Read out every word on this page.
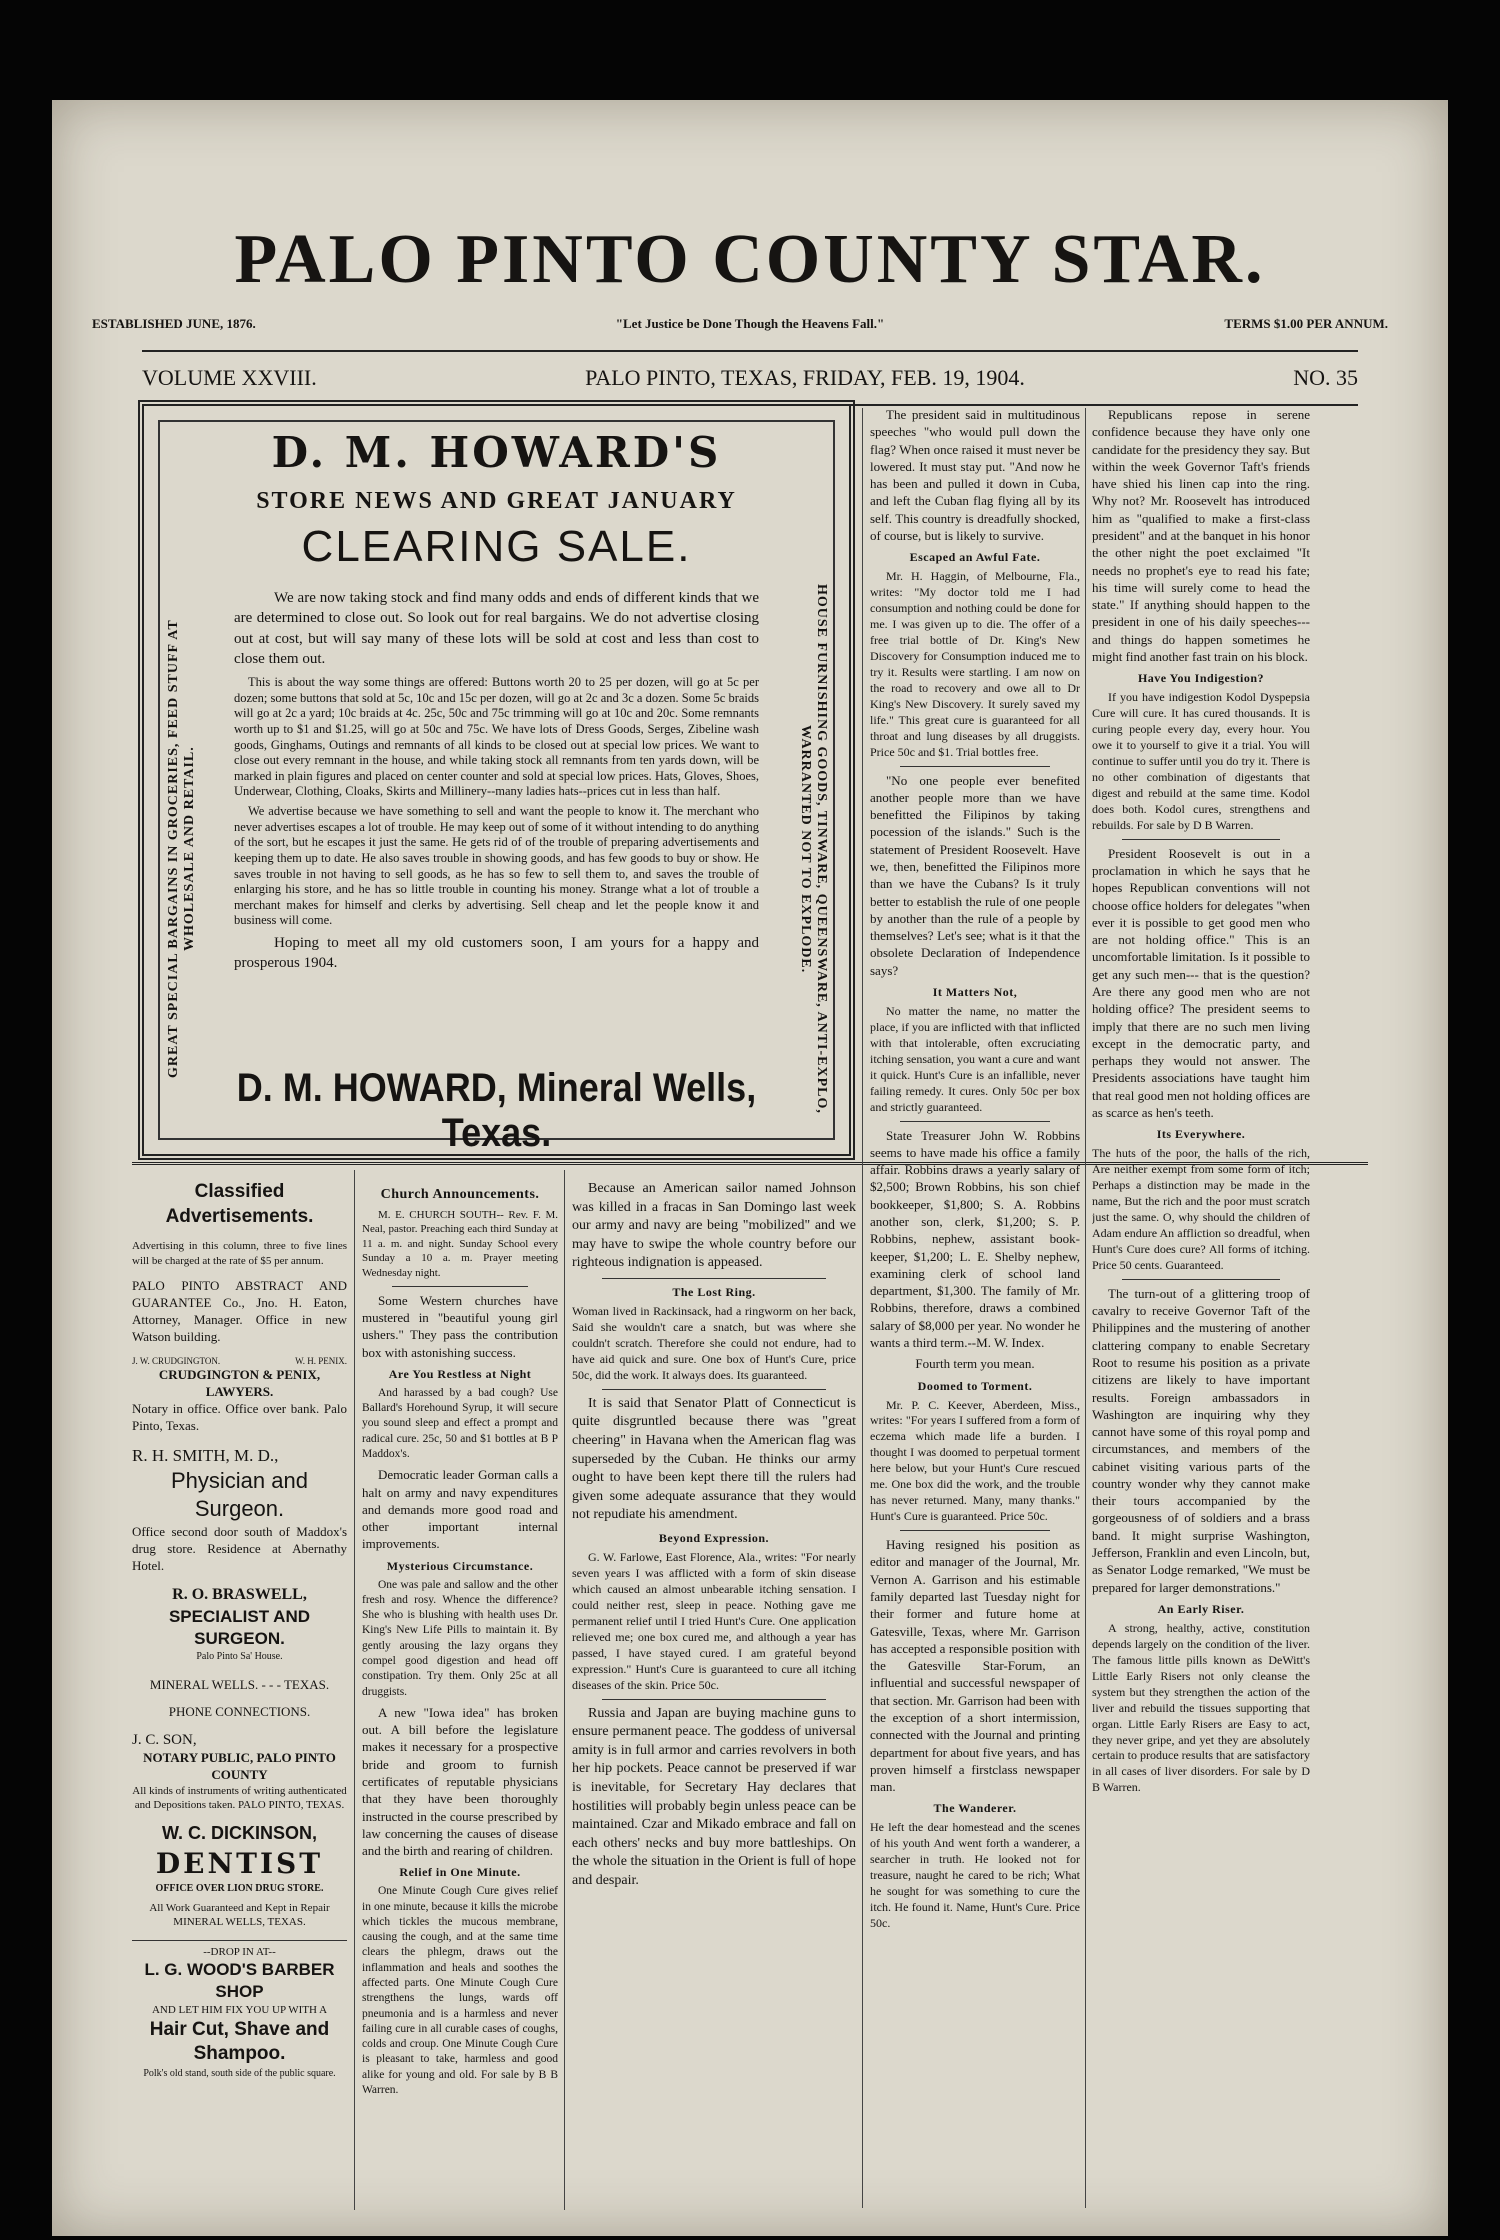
PALO PINTO COUNTY STAR.
ESTABLISHED JUNE, 1876.	"Let Justice be Done Though the Heavens Fall."	TERMS $1.00 PER ANNUM.
VOLUME XXVIII.	PALO PINTO, TEXAS, FRIDAY, FEB. 19, 1904.	NO. 35
D. M. HOWARD'S
STORE NEWS AND GREAT JANUARY
CLEARING SALE.
GREAT SPECIAL BARGAINS IN GROCERIES, FEED STUFF AT WHOLESALE AND RETAIL.	HOUSE FURNISHING GOODS, TINWARE, QUEENSWARE, ANTI-EXPLO, WARRANTED NOT TO EXPLODE.

We are now taking stock and find many odds and ends of different kinds that we are determined to close out. So look out for real bargains. We do not advertise closing out at cost, but will say many of these lots will be sold at cost and less than cost to close them out.

This is about the way some things are offered: Buttons worth 20 to 25 per dozen, will go at 5c per dozen; some buttons that sold at 5c, 10c and 15c per dozen, will go at 2c and 3c a dozen. Some 5c braids will go at 2c a yard; 10c braids at 4c. 25c, 50c and 75c trimming will go at 10c and 20c. Some remnants worth up to $1 and $1.25, will go at 50c and 75c. We have lots of Dress Goods, Serges, Zibeline wash goods, Ginghams, Outings and remnants of all kinds to be closed out at special low prices. We want to close out every remnant in the house, and while taking stock all remnants from ten yards down, will be marked in plain figures and placed on center counter and sold at special low prices. Hats, Gloves, Shoes, Underwear, Clothing, Cloaks, Skirts and Millinery--many ladies hats--prices cut in less than half.

We advertise because we have something to sell and want the people to know it. The merchant who never advertises escapes a lot of trouble. He may keep out of some of it without intending to do anything of the sort, but he escapes it just the same. He gets rid of of the trouble of preparing advertisements and keeping them up to date. He also saves trouble in showing goods, and has few goods to buy or show. He saves trouble in not having to sell goods, as he has so few to sell them to, and saves the trouble of enlarging his store, and he has so little trouble in counting his money. Strange what a lot of trouble a merchant makes for himself and clerks by advertising. Sell cheap and let the people know it and business will come.

Hoping to meet all my old customers soon, I am yours for a happy and prosperous 1904.

D. M. HOWARD, Mineral Wells, Texas.
Classified Advertisements.
Advertising in this column, three to five lines will be charged at the rate of $5 per annum.
PALO PINTO ABSTRACT AND GUARANTEE Co., Jno. H. Eaton, Attorney, Manager. Office in new Watson building.
J. W. CRUDGINGTON.	W. H. PENIX.
CRUDGINGTON & PENIX, LAWYERS.
Notary in office. Office over bank. Palo Pinto, Texas.
R. H. SMITH, M. D.,
Physician and Surgeon.
Office second door south of Maddox's drug store. Residence at Abernathy Hotel.
R. O. BRASWELL,
SPECIALIST AND SURGEON.
Palo Pinto Sa' House.
MINERAL WELLS. - - - TEXAS.
PHONE CONNECTIONS.
J. C. SON,
NOTARY PUBLIC, PALO PINTO COUNTY
All kinds of instruments of writing authenticated and Depositions taken. PALO PINTO, TEXAS.
W. C. DICKINSON,
DENTIST
OFFICE OVER LION DRUG STORE.
All Work Guaranteed and Kept in Repair
MINERAL WELLS, TEXAS.
--DROP IN AT--
L. G. WOOD'S BARBER SHOP
AND LET HIM FIX YOU UP WITH A
Hair Cut, Shave and Shampoo.
Polk's old stand, south side of the public square.
Church Announcements.

M. E. CHURCH SOUTH-- Rev. F. M. Neal, pastor. Preaching each third Sunday at 11 a. m. and night. Sunday School every Sunday a 10 a. m. Prayer meeting Wednesday night.

Some Western churches have mustered in "beautiful young girl ushers." They pass the contribution box with astonishing success.

Are You Restless at Night

And harassed by a bad cough? Use Ballard's Horehound Syrup, it will secure you sound sleep and effect a prompt and radical cure. 25c, 50 and $1 bottles at B P Maddox's.

Democratic leader Gorman calls a halt on army and navy expenditures and demands more good road and other important internal improvements.

Mysterious Circumstance.

One was pale and sallow and the other fresh and rosy. Whence the difference? She who is blushing with health uses Dr. King's New Life Pills to maintain it. By gently arousing the lazy organs they compel good digestion and head off constipation. Try them. Only 25c at all druggists.

A new "Iowa idea" has broken out. A bill before the legislature makes it necessary for a prospective bride and groom to furnish certificates of reputable physicians that they have been thoroughly instructed in the course prescribed by law concerning the causes of disease and the birth and rearing of children.

Relief in One Minute.

One Minute Cough Cure gives relief in one minute, because it kills the microbe which tickles the mucous membrane, causing the cough, and at the same time clears the phlegm, draws out the inflammation and heals and soothes the affected parts. One Minute Cough Cure strengthens the lungs, wards off pneumonia and is a harmless and never failing cure in all curable cases of coughs, colds and croup. One Minute Cough Cure is pleasant to take, harmless and good alike for young and old. For sale by B B Warren.

Because an American sailor named Johnson was killed in a fracas in San Domingo last week our army and navy are being "mobilized" and we may have to swipe the whole country before our righteous indignation is appeased.

The Lost Ring.

Woman lived in Rackinsack, had a ringworm on her back, Said she wouldn't care a snatch, but was where she couldn't scratch. Therefore she could not endure, had to have aid quick and sure. One box of Hunt's Cure, price 50c, did the work. It always does. Its guaranteed.

It is said that Senator Platt of Connecticut is quite disgruntled because there was "great cheering" in Havana when the American flag was superseded by the Cuban. He thinks our army ought to have been kept there till the rulers had given some adequate assurance that they would not repudiate his amendment.

Beyond Expression.

G. W. Farlowe, East Florence, Ala., writes: "For nearly seven years I was afflicted with a form of skin disease which caused an almost unbearable itching sensation. I could neither rest, sleep in peace. Nothing gave me permanent relief until I tried Hunt's Cure. One application relieved me; one box cured me, and although a year has passed, I have stayed cured. I am grateful beyond expression." Hunt's Cure is guaranteed to cure all itching diseases of the skin. Price 50c.

Russia and Japan are buying machine guns to ensure permanent peace. The goddess of universal amity is in full armor and carries revolvers in both her hip pockets. Peace cannot be preserved if war is inevitable, for Secretary Hay declares that hostilities will probably begin unless peace can be maintained. Czar and Mikado embrace and fall on each others' necks and buy more battleships. On the whole the situation in the Orient is full of hope and despair.

The president said in multitudinous speeches "who would pull down the flag? When once raised it must never be lowered. It must stay put. "And now he has been and pulled it down in Cuba, and left the Cuban flag flying all by its self. This country is dreadfully shocked, of course, but is likely to survive.

Escaped an Awful Fate.

Mr. H. Haggin, of Melbourne, Fla., writes: "My doctor told me I had consumption and nothing could be done for me. I was given up to die. The offer of a free trial bottle of Dr. King's New Discovery for Consumption induced me to try it. Results were startling. I am now on the road to recovery and owe all to Dr King's New Discovery. It surely saved my life." This great cure is guaranteed for all throat and lung diseases by all druggists. Price 50c and $1. Trial bottles free.

"No one people ever benefited another people more than we have benefitted the Filipinos by taking pocession of the islands." Such is the statement of President Roosevelt. Have we, then, benefitted the Filipinos more than we have the Cubans? Is it truly better to establish the rule of one people by another than the rule of a people by themselves? Let's see; what is it that the obsolete Declaration of Independence says?

It Matters Not,

No matter the name, no matter the place, if you are inflicted with that inflicted with that intolerable, often excruciating itching sensation, you want a cure and want it quick. Hunt's Cure is an infallible, never failing remedy. It cures. Only 50c per box and strictly guaranteed.

State Treasurer John W. Robbins seems to have made his office a family affair. Robbins draws a yearly salary of $2,500; Brown Robbins, his son chief bookkeeper, $1,800; S. A. Robbins another son, clerk, $1,200; S. P. Robbins, nephew, assistant book-keeper, $1,200; L. E. Shelby nephew, examining clerk of school land department, $1,300. The family of Mr. Robbins, therefore, draws a combined salary of $8,000 per year. No wonder he wants a third term.--M. W. Index.

Fourth term you mean.

Doomed to Torment.

Mr. P. C. Keever, Aberdeen, Miss., writes: "For years I suffered from a form of eczema which made life a burden. I thought I was doomed to perpetual torment here below, but your Hunt's Cure rescued me. One box did the work, and the trouble has never returned. Many, many thanks." Hunt's Cure is guaranteed. Price 50c.

Having resigned his position as editor and manager of the Journal, Mr. Vernon A. Garrison and his estimable family departed last Tuesday night for their former and future home at Gatesville, Texas, where Mr. Garrison has accepted a responsible position with the Gatesville Star-Forum, an influential and successful newspaper of that section. Mr. Garrison had been with the exception of a short intermission, connected with the Journal and printing department for about five years, and has proven himself a firstclass newspaper man.

The Wanderer.

He left the dear homestead and the scenes of his youth And went forth a wanderer, a searcher in truth. He looked not for treasure, naught he cared to be rich; What he sought for was something to cure the itch. He found it. Name, Hunt's Cure. Price 50c.

Republicans repose in serene confidence because they have only one candidate for the presidency they say. But within the week Governor Taft's friends have shied his linen cap into the ring. Why not? Mr. Roosevelt has introduced him as "qualified to make a first-class president" and at the banquet in his honor the other night the poet exclaimed "It needs no prophet's eye to read his fate; his time will surely come to head the state." If anything should happen to the president in one of his daily speeches---and things do happen sometimes he might find another fast train on his block.

Have You Indigestion?

If you have indigestion Kodol Dyspepsia Cure will cure. It has cured thousands. It is curing people every day, every hour. You owe it to yourself to give it a trial. You will continue to suffer until you do try it. There is no other combination of digestants that digest and rebuild at the same time. Kodol does both. Kodol cures, strengthens and rebuilds. For sale by D B Warren.

President Roosevelt is out in a proclamation in which he says that he hopes Republican conventions will not choose office holders for delegates "when ever it is possible to get good men who are not holding office." This is an uncomfortable limitation. Is it possible to get any such men--- that is the question? Are there any good men who are not holding office? The president seems to imply that there are no such men living except in the democratic party, and perhaps they would not answer. The Presidents associations have taught him that real good men not holding offices are as scarce as hen's teeth.

Its Everywhere.

The huts of the poor, the halls of the rich, Are neither exempt from some form of itch; Perhaps a distinction may be made in the name, But the rich and the poor must scratch just the same. O, why should the children of Adam endure An affliction so dreadful, when Hunt's Cure does cure? All forms of itching. Price 50 cents. Guaranteed.

The turn-out of a glittering troop of cavalry to receive Governor Taft of the Philippines and the mustering of another clattering company to enable Secretary Root to resume his position as a private citizens are likely to have important results. Foreign ambassadors in Washington are inquiring why they cannot have some of this royal pomp and circumstances, and members of the cabinet visiting various parts of the country wonder why they cannot make their tours accompanied by the gorgeousness of of soldiers and a brass band. It might surprise Washington, Jefferson, Franklin and even Lincoln, but, as Senator Lodge remarked, "We must be prepared for larger demonstrations."

An Early Riser.

A strong, healthy, active, constitution depends largely on the condition of the liver. The famous little pills known as DeWitt's Little Early Risers not only cleanse the system but they strengthen the action of the liver and rebuild the tissues supporting that organ. Little Early Risers are Easy to act, they never gripe, and yet they are absolutely certain to produce results that are satisfactory in all cases of liver disorders. For sale by D B Warren.
